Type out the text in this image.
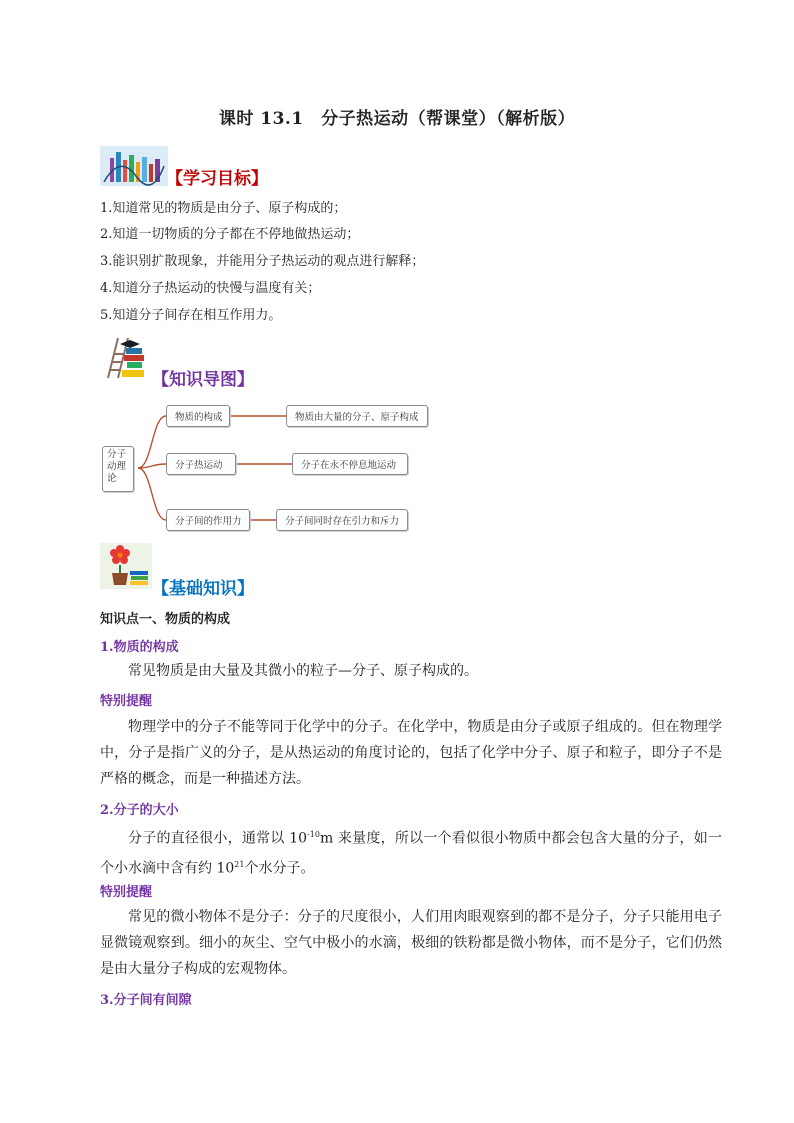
课时 13.1　分子热运动（帮课堂）（解析版）
【学习目标】
1.知道常见的物质是由分子、原子构成的；
2.知道一切物质的分子都在不停地做热运动；
3.能识别扩散现象，并能用分子热运动的观点进行解释；
4.知道分子热运动的快慢与温度有关；
5.知道分子间存在相互作用力。
【知识导图】
分子动理论
物质的构成	物质由大量的分子、原子构成
分子热运动	分子在永不停息地运动
分子间的作用力	分子间同时存在引力和斥力
【基础知识】
知识点一、物质的构成
1.物质的构成
常见物质是由大量及其微小的粒子—分子、原子构成的。
特别提醒
物理学中的分子不能等同于化学中的分子。在化学中，物质是由分子或原子组成的。但在物理学中，分子是指广义的分子，是从热运动的角度讨论的，包括了化学中分子、原子和粒子，即分子不是严格的概念，而是一种描述方法。
2.分子的大小
分子的直径很小，通常以 $10^{-10}m$ 来量度，所以一个看似很小物质中都会包含大量的分子，如一个小水滴中含有约 $10^{21}$个水分子。
特别提醒
常见的微小物体不是分子：分子的尺度很小，人们用肉眼观察到的都不是分子，分子只能用电子显微镜观察到。细小的灰尘、空气中极小的水滴，极细的铁粉都是微小物体，而不是分子，它们仍然是由大量分子构成的宏观物体。
3.分子间有间隙
